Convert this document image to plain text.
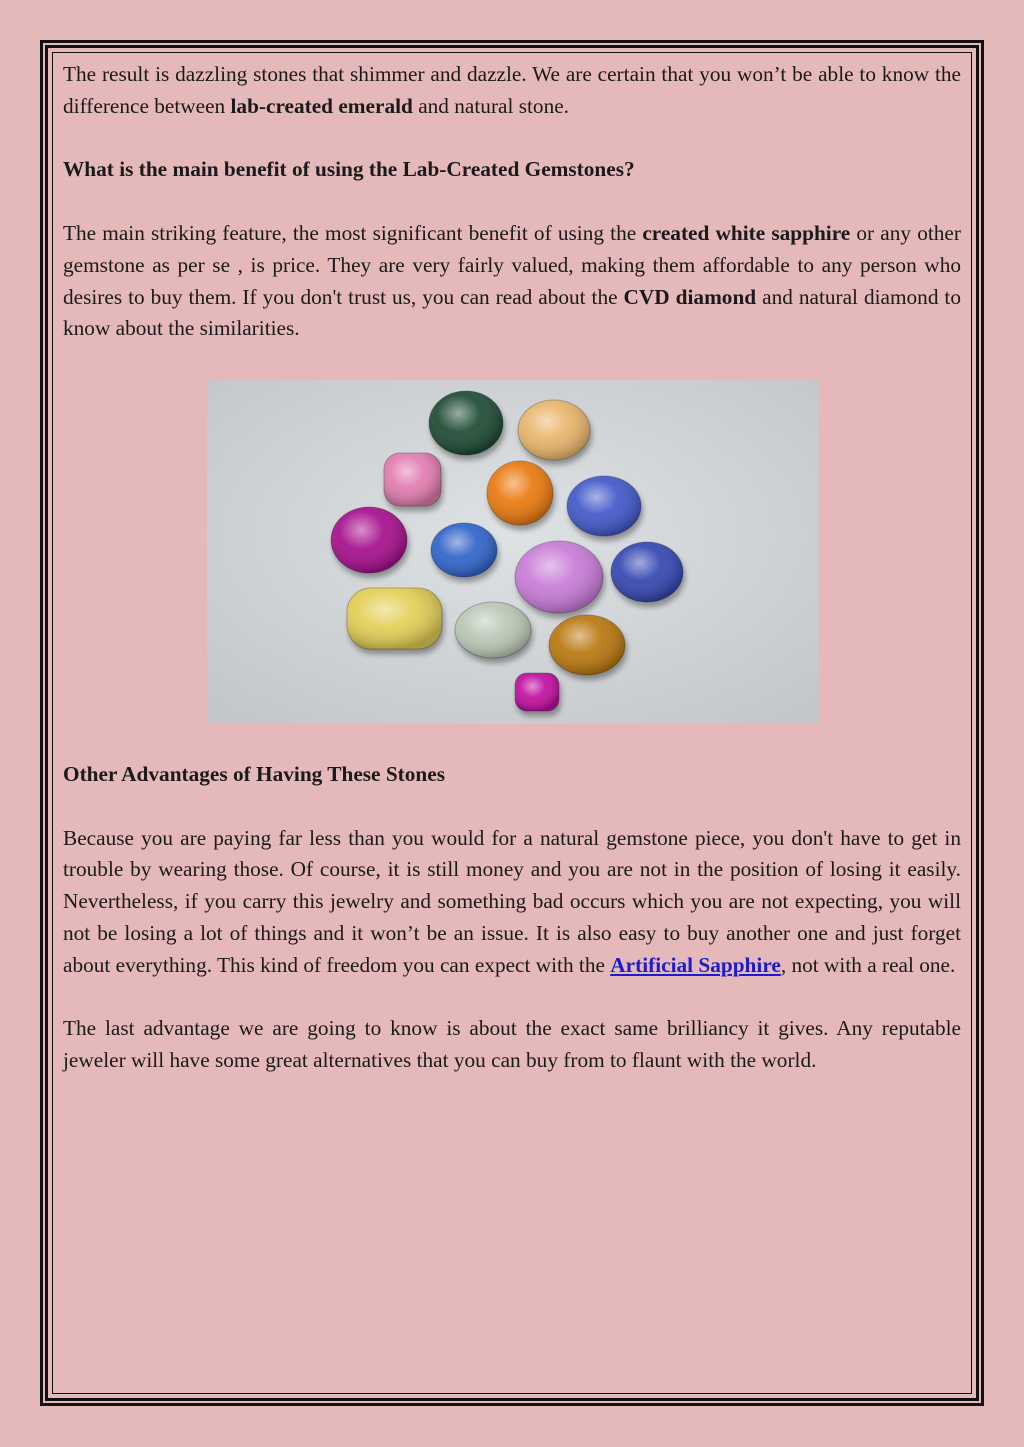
The result is dazzling stones that shimmer and dazzle. We are certain that you won’t be able to know the difference between lab-created emerald and natural stone.

What is the main benefit of using the Lab-Created Gemstones?

The main striking feature, the most significant benefit of using the created white sapphire or any other gemstone as per se , is price. They are very fairly valued, making them affordable to any person who desires to buy them. If you don't trust us, you can read about the CVD diamond and natural diamond to know about the similarities.

Other Advantages of Having These Stones

Because you are paying far less than you would for a natural gemstone piece, you don't have to get in trouble by wearing those. Of course, it is still money and you are not in the position of losing it easily. Nevertheless, if you carry this jewelry and something bad occurs which you are not expecting, you will not be losing a lot of things and it won’t be an issue. It is also easy to buy another one and just forget about everything. This kind of freedom you can expect with the Artificial Sapphire, not with a real one.

The last advantage we are going to know is about the exact same brilliancy it gives. Any reputable jeweler will have some great alternatives that you can buy from to flaunt with the world.
